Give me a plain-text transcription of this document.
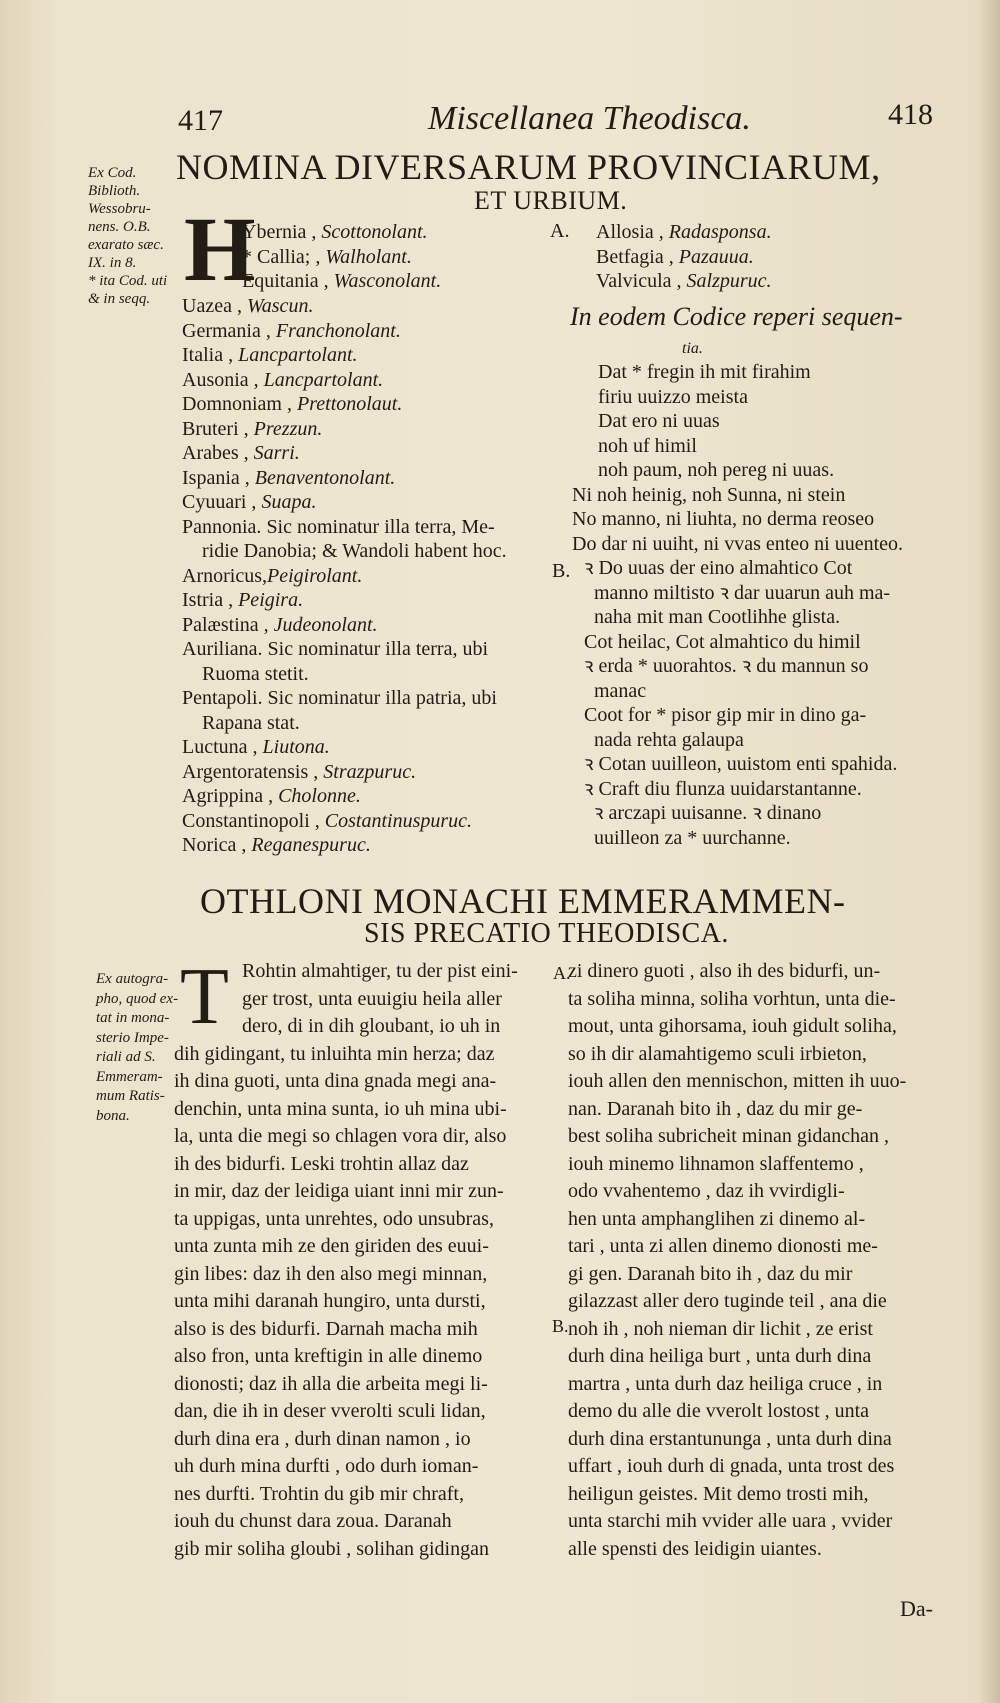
417	Miscellanea Theodisca.	418
NOMINA DIVERSARUM PROVINCIARUM,
ET URBIUM.
Ex Cod.
Biblioth.
Wessobru-
nens. O.B.
exarato sæc.
IX. in 8.
* ita Cod. uti
& in seqq. H
Ybernia , Scottonolant.
* Callia; , Walholant.
Equitania , Wasconolant.
Uazea , Wascun.
Germania , Franchonolant.
Italia , Lancpartolant.
Ausonia , Lancpartolant.
Domnoniam , Prettonolaut.
Bruteri , Prezzun.
Arabes , Sarri.
Ispania , Benaventonolant.
Cyuuari , Suapa.
Pannonia. Sic nominatur illa terra, Me-
ridie Danobia; & Wandoli habent hoc.
Arnoricus,Peigirolant.
Istria , Peigira.
Palæstina , Judeonolant.
Auriliana. Sic nominatur illa terra, ubi
Ruoma stetit.
Pentapoli. Sic nominatur illa patria, ubi
Rapana stat.
Luctuna , Liutona.
Argentoratensis , Strazpuruc.
Agrippina , Cholonne.
Constantinopoli , Costantinuspuruc.
Norica , Reganespuruc.
A. Allosia , Radasponsa.
Betfagia , Pazauua.
Valvicula , Salzpuruc.
In eodem Codice reperi sequen-
tia.
Dat * fregin ih mit firahim
firiu uuizzo meista
Dat ero ni uuas
noh uf himil
noh paum, noh pereg ni uuas.
Ni noh heinig, noh Sunna, ni stein
No manno, ni liuhta, no derma reoseo
Do dar ni uuiht, ni vvas enteo ni uuenteo.
ꝛ Do uuas der eino almahtico Cot
manno miltisto ꝛ dar uuarun auh ma-
naha mit man Cootlihhe glista.
Cot heilac, Cot almahtico du himil
ꝛ erda * uuorahtos. ꝛ du mannun so
manac
Coot for * pisor gip mir in dino ga-
nada rehta galaupa
ꝛ Cotan uuilleon, uuistom enti spahida.
ꝛ Craft diu flunza uuidarstantanne.
ꝛ arczapi uuisanne. ꝛ dinano
uuilleon za * uurchanne.
B.
OTHLONI MONACHI EMMERAMMEN-
SIS PRECATIO THEODISCA.
Ex autogra-
pho, quod ex-
tat in mona-
sterio Impe-
riali ad S.
Emmeram-
mum Ratis-
bona.
T Rohtin almahtiger, tu der pist eini-
ger trost, unta euuigiu heila aller
dero, di in dih gloubant, io uh in
dih gidingant, tu inluihta min herza; daz
ih dina guoti, unta dina gnada megi ana-
denchin, unta mina sunta, io uh mina ubi-
la, unta die megi so chlagen vora dir, also
ih des bidurfi. Leski trohtin allaz daz
in mir, daz der leidiga uiant inni mir zun-
ta uppigas, unta unrehtes, odo unsubras,
unta zunta mih ze den giriden des euui-
gin libes: daz ih den also megi minnan,
unta mihi daranah hungiro, unta dursti,
also is des bidurfi. Darnah macha mih
also fron, unta kreftigin in alle dinemo
dionosti; daz ih alla die arbeita megi li-
dan, die ih in deser vverolti sculi lidan,
durh dina era , durh dinan namon , io
uh durh mina durfti , odo durh ioman-
nes durfti. Trohtin du gib mir chraft,
iouh du chunst dara zoua. Daranah
gib mir soliha gloubi , solihan gidingan
A.
B.
zi dinero guoti , also ih des bidurfi, un-
ta soliha minna, soliha vorhtun, unta die-
mout, unta gihorsama, iouh gidult soliha,
so ih dir alamahtigemo sculi irbieton,
iouh allen den mennischon, mitten ih uuo-
nan. Daranah bito ih , daz du mir ge-
best soliha subricheit minan gidanchan ,
iouh minemo lihnamon slaffentemo ,
odo vvahentemo , daz ih vvirdigli-
hen unta amphanglihen zi dinemo al-
tari , unta zi allen dinemo dionosti me-
gi gen. Daranah bito ih , daz du mir
gilazzast aller dero tuginde teil , ana die
noh ih , noh nieman dir lichit , ze erist
durh dina heiliga burt , unta durh dina
martra , unta durh daz heiliga cruce , in
demo du alle die vverolt lostost , unta
durh dina erstantununga , unta durh dina
uffart , iouh durh di gnada, unta trost des
heiligun geistes. Mit demo trosti mih,
unta starchi mih vvider alle uara , vvider
alle spensti des leidigin uiantes.
Da-
